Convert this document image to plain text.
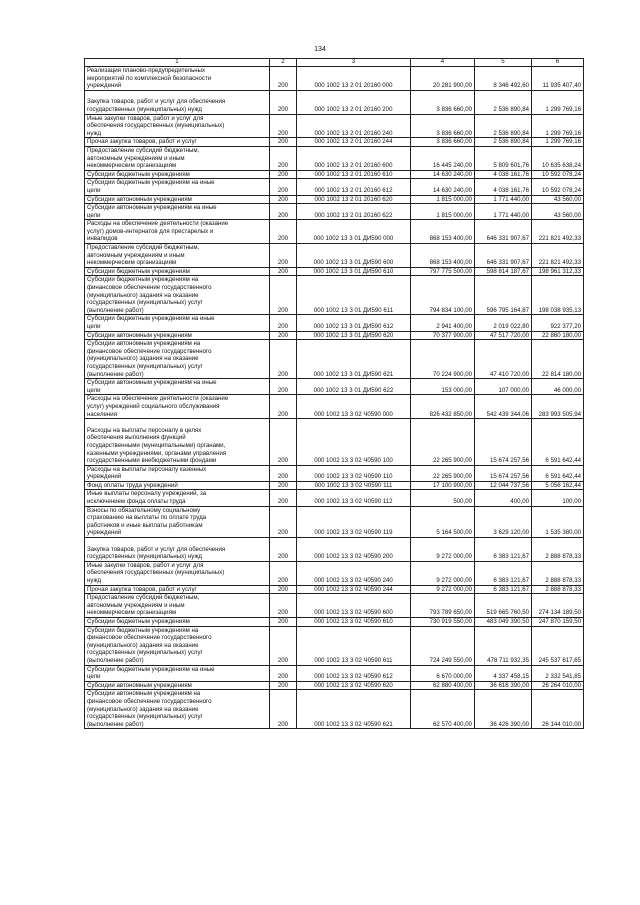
134
1	2	3	4	5	6
Реализация планово-предупредительных
мероприятий по комплексной безопасности
учреждений	200	000 1002 13 2 01 20160 000	20 281 900,00	8 346 492,60	11 935 407,40

Закупка товаров, работ и услуг для обеспечения
государственных (муниципальных) нужд	200	000 1002 13 2 01 20160 200	3 836 660,00	2 536 890,84	1 299 769,16
Иные закупки товаров, работ и услуг для
обеспечения государственных (муниципальных)
нужд	200	000 1002 13 2 01 20160 240	3 836 660,00	2 536 890,84	1 299 769,16
Прочая закупка товаров, работ и услуг	200	000 1002 13 2 01 20160 244	3 836 660,00	2 536 890,84	1 299 769,16
Предоставление субсидий бюджетным,
автономным учреждениям и иным
некоммерческим организациям	200	000 1002 13 2 01 20160 600	16 445 240,00	5 809 601,76	10 635 638,24
Субсидии бюджетным учреждениям	200	000 1002 13 2 01 20160 610	14 630 240,00	4 038 161,76	10 592 078,24
Субсидии бюджетным учреждениям на иные
цели	200	000 1002 13 2 01 20160 612	14 630 240,00	4 038 161,76	10 592 078,24
Субсидии автономным учреждениям	200	000 1002 13 2 01 20160 620	1 815 000,00	1 771 440,00	43 560,00
Субсидии автономным учреждениям на иные
цели	200	000 1002 13 2 01 20160 622	1 815 000,00	1 771 440,00	43 560,00
Расходы на обеспечение деятельности (оказание
услуг) домов-интернатов для престарелых и
инвалидов	200	000 1002 13 3 01 ДИ590 000	868 153 400,00	646 331 907,67	221 821 492,33
Предоставление субсидий бюджетным,
автономным учреждениям и иным
некоммерческим организациям	200	000 1002 13 3 01 ДИ590 600	868 153 400,00	646 331 907,67	221 821 492,33
Субсидии бюджетным учреждениям	200	000 1002 13 3 01 ДИ590 610	797 775 500,00	598 814 187,67	198 961 312,33
Субсидии бюджетным учреждениям на
финансовое обеспечение государственного
(муниципального) задания на оказание
государственных (муниципальных) услуг
(выполнение работ)	200	000 1002 13 3 01 ДИ590 611	794 834 100,00	596 795 164,87	198 038 935,13
Субсидии бюджетным учреждениям на иные
цели	200	000 1002 13 3 01 ДИ590 612	2 941 400,00	2 019 022,80	922 377,20
Субсидии автономным учреждениям	200	000 1002 13 3 01 ДИ590 620	70 377 900,00	47 517 720,00	22 860 180,00
Субсидии автономным учреждениям на
финансовое обеспечение государственного
(муниципального) задания на оказание
государственных (муниципальных) услуг
(выполнение работ)	200	000 1002 13 3 01 ДИ590 621	70 224 900,00	47 410 720,00	22 814 180,00
Субсидии автономным учреждениям на иные
цели	200	000 1002 13 3 01 ДИ590 622	153 000,00	107 000,00	46 000,00
Расходы на обеспечение деятельности (оказание
услуг) учреждений социального обслуживания
населения	200	000 1002 13 3 02 Ч0590 000	826 432 850,00	542 439 344,06	283 993 505,94

Расходы на выплаты персоналу в целях
обеспечения выполнения функций
государственными (муниципальными) органами,
казенными учреждениями, органами управления
государственными внебюджетными фондами	200	000 1002 13 3 02 Ч0590 100	22 265 900,00	15 674 257,56	6 591 642,44
Расходы на выплаты персоналу казенных
учреждений	200	000 1002 13 3 02 Ч0590 110	22 265 900,00	15 674 257,56	6 591 642,44
Фонд оплаты труда учреждений	200	000 1002 13 3 02 Ч0590 111	17 100 900,00	12 044 737,56	5 056 162,44
Иные выплаты персоналу учреждений, за
исключением фонда оплаты труда	200	000 1002 13 3 02 Ч0590 112	500,00	400,00	100,00
Взносы по обязательному социальному
страхованию на выплаты по оплате труда
работников и иные выплаты работникам
учреждений	200	000 1002 13 3 02 Ч0590 119	5 164 500,00	3 629 120,00	1 535 380,00

Закупка товаров, работ и услуг для обеспечения
государственных (муниципальных) нужд	200	000 1002 13 3 02 Ч0590 200	9 272 000,00	6 383 121,67	2 888 878,33
Иные закупки товаров, работ и услуг для
обеспечения государственных (муниципальных)
нужд	200	000 1002 13 3 02 Ч0590 240	9 272 000,00	6 383 121,67	2 888 878,33
Прочая закупка товаров, работ и услуг	200	000 1002 13 3 02 Ч0590 244	9 272 000,00	6 383 121,67	2 888 878,33
Предоставление субсидий бюджетным,
автономным учреждениям и иным
некоммерческим организациям	200	000 1002 13 3 02 Ч0590 600	793 789 650,00	519 665 760,50	274 134 189,50
Субсидии бюджетным учреждениям	200	000 1002 13 3 02 Ч0590 610	730 919 550,00	483 049 390,50	247 870 159,50
Субсидии бюджетным учреждениям на
финансовое обеспечение государственного
(муниципального) задания на оказание
государственных (муниципальных) услуг
(выполнение работ)	200	000 1002 13 3 02 Ч0590 611	724 249 550,00	478 711 932,35	245 537 617,65
Субсидии бюджетным учреждениям на иные
цели	200	000 1002 13 3 02 Ч0590 612	6 670 000,00	4 337 458,15	2 332 541,85
Субсидии автономным учреждениям	200	000 1002 13 3 02 Ч0590 620	62 880 400,00	36 616 390,00	26 264 010,00
Субсидии автономным учреждениям на
финансовое обеспечение государственного
(муниципального) задания на оказание
государственных (муниципальных) услуг
(выполнение работ)	200	000 1002 13 3 02 Ч0590 621	62 570 400,00	36 426 390,00	26 144 010,00
